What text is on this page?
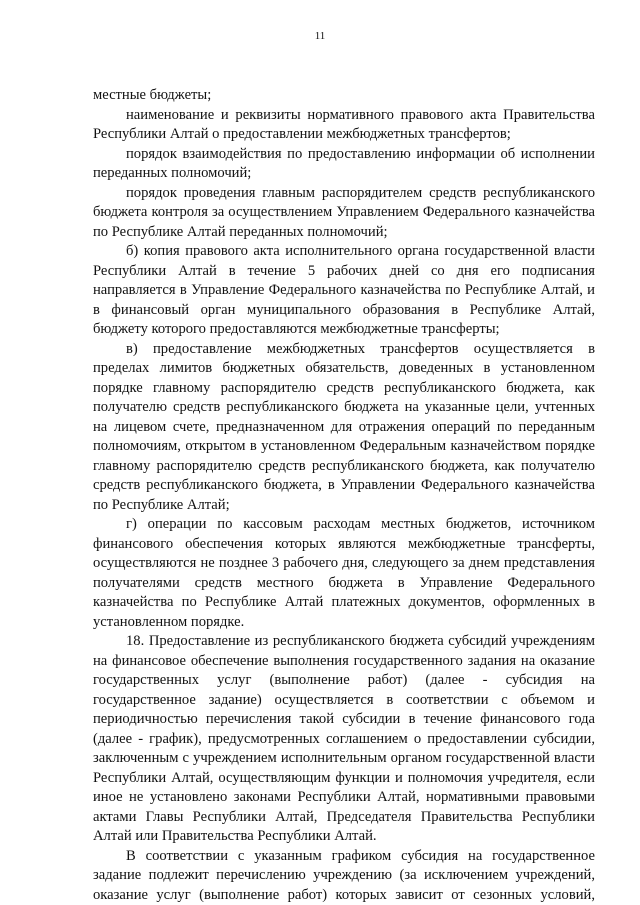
11

местные бюджеты;

наименование и реквизиты нормативного правового акта Правительства Республики Алтай о предоставлении межбюджетных трансфертов;

порядок взаимодействия по предоставлению информации об исполнении переданных полномочий;

порядок проведения главным распорядителем средств республиканского бюджета контроля за осуществлением Управлением Федерального казначейства по Республике Алтай переданных полномочий;

б) копия правового акта исполнительного органа государственной власти Республики Алтай в течение 5 рабочих дней со дня его подписания направляется в Управление Федерального казначейства по Республике Алтай, и в финансовый орган муниципального образования в Республике Алтай, бюджету которого предоставляются межбюджетные трансферты;

в) предоставление межбюджетных трансфертов осуществляется в пределах лимитов бюджетных обязательств, доведенных в установленном порядке главному распорядителю средств республиканского бюджета, как получателю средств республиканского бюджета на указанные цели, учтенных на лицевом счете, предназначенном для отражения операций по переданным полномочиям, открытом в установленном Федеральным казначейством порядке главному распорядителю средств республиканского бюджета, как получателю средств республиканского бюджета, в Управлении Федерального казначейства по Республике Алтай;

г) операции по кассовым расходам местных бюджетов, источником финансового обеспечения которых являются межбюджетные трансферты, осуществляются не позднее 3 рабочего дня, следующего за днем представления получателями средств местного бюджета в Управление Федерального казначейства по Республике Алтай платежных документов, оформленных в установленном порядке.

18. Предоставление из республиканского бюджета субсидий учреждениям на финансовое обеспечение выполнения государственного задания на оказание государственных услуг (выполнение работ) (далее - субсидия на государственное задание) осуществляется в соответствии с объемом и периодичностью перечисления такой субсидии в течение финансового года (далее - график), предусмотренных соглашением о предоставлении субсидии, заключенным с учреждением исполнительным органом государственной власти Республики Алтай, осуществляющим функции и полномочия учредителя, если иное не установлено законами Республики Алтай, нормативными правовыми актами Главы Республики Алтай, Председателя Правительства Республики Алтай или Правительства Республики Алтай.

В соответствии с указанным графиком субсидия на государственное задание подлежит перечислению учреждению (за исключением учреждений, оказание услуг (выполнение работ) которых зависит от сезонных условий,
